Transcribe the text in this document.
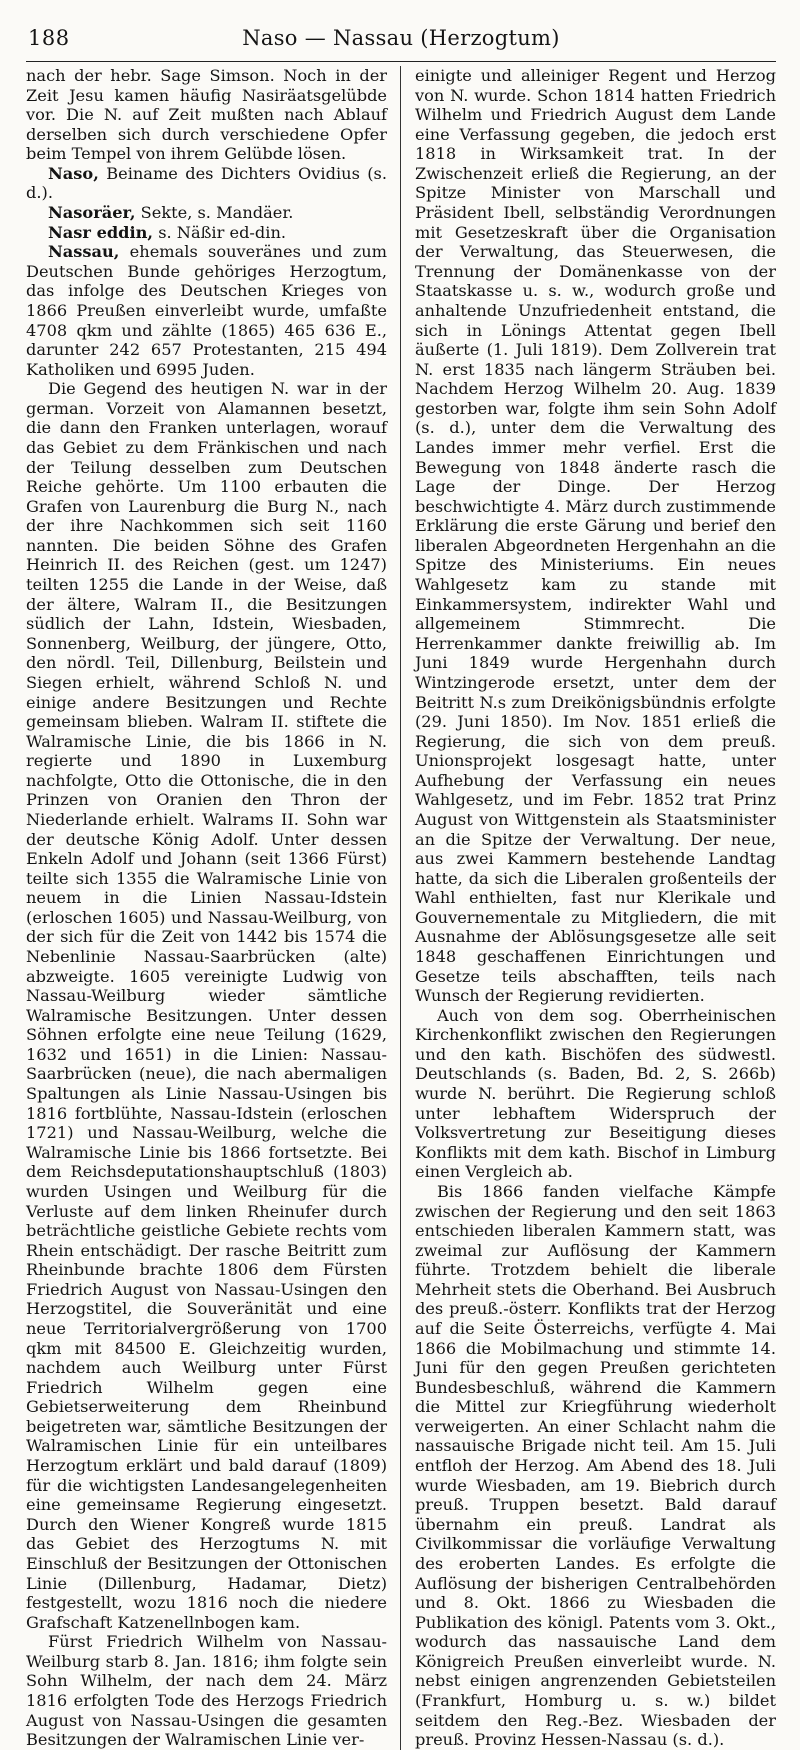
188	Naso — Nassau (Herzogtum)

nach der hebr. Sage Simson. Noch in der Zeit Jesu kamen häufig Nasiräatsgelübde vor. Die N. auf Zeit mußten nach Ablauf derselben sich durch verschiedene Opfer beim Tempel von ihrem Gelübde lösen.

Naso, Beiname des Dichters Ovidius (s. d.).

Nasoräer, Sekte, s. Mandäer.

Nasr eddin, s. Näßir ed-din.

Nassau, ehemals souveränes und zum Deutschen Bunde gehöriges Herzogtum, das infolge des Deutschen Krieges von 1866 Preußen einverleibt wurde, umfaßte 4708 qkm und zählte (1865) 465 636 E., darunter 242 657 Protestanten, 215 494 Katholiken und 6995 Juden.

Die Gegend des heutigen N. war in der german. Vorzeit von Alamannen besetzt, die dann den Franken unterlagen, worauf das Gebiet zu dem Fränkischen und nach der Teilung desselben zum Deutschen Reiche gehörte. Um 1100 erbauten die Grafen von Laurenburg die Burg N., nach der ihre Nachkommen sich seit 1160 nannten. Die beiden Söhne des Grafen Heinrich II. des Reichen (gest. um 1247) teilten 1255 die Lande in der Weise, daß der ältere, Walram II., die Besitzungen südlich der Lahn, Idstein, Wiesbaden, Sonnenberg, Weilburg, der jüngere, Otto, den nördl. Teil, Dillenburg, Beilstein und Siegen erhielt, während Schloß N. und einige andere Besitzungen und Rechte gemeinsam blieben. Walram II. stiftete die Walramische Linie, die bis 1866 in N. regierte und 1890 in Luxemburg nachfolgte, Otto die Ottonische, die in den Prinzen von Oranien den Thron der Niederlande erhielt. Walrams II. Sohn war der deutsche König Adolf. Unter dessen Enkeln Adolf und Johann (seit 1366 Fürst) teilte sich 1355 die Walramische Linie von neuem in die Linien Nassau-Idstein (erloschen 1605) und Nassau-Weilburg, von der sich für die Zeit von 1442 bis 1574 die Nebenlinie Nassau-Saarbrücken (alte) abzweigte. 1605 vereinigte Ludwig von Nassau-Weilburg wieder sämtliche Walramische Besitzungen. Unter dessen Söhnen erfolgte eine neue Teilung (1629, 1632 und 1651) in die Linien: Nassau-Saarbrücken (neue), die nach abermaligen Spaltungen als Linie Nassau-Usingen bis 1816 fortblühte, Nassau-Idstein (erloschen 1721) und Nassau-Weilburg, welche die Walramische Linie bis 1866 fortsetzte. Bei dem Reichsdeputationshauptschluß (1803) wurden Usingen und Weilburg für die Verluste auf dem linken Rheinufer durch beträchtliche geistliche Gebiete rechts vom Rhein entschädigt. Der rasche Beitritt zum Rheinbunde brachte 1806 dem Fürsten Friedrich August von Nassau-Usingen den Herzogstitel, die Souveränität und eine neue Territorialvergrößerung von 1700 qkm mit 84500 E. Gleichzeitig wurden, nachdem auch Weilburg unter Fürst Friedrich Wilhelm gegen eine Gebietserweiterung dem Rheinbund beigetreten war, sämtliche Besitzungen der Walramischen Linie für ein unteilbares Herzogtum erklärt und bald darauf (1809) für die wichtigsten Landesangelegenheiten eine gemeinsame Regierung eingesetzt. Durch den Wiener Kongreß wurde 1815 das Gebiet des Herzogtums N. mit Einschluß der Besitzungen der Ottonischen Linie (Dillenburg, Hadamar, Dietz) festgestellt, wozu 1816 noch die niedere Grafschaft Katzenellnbogen kam.

Fürst Friedrich Wilhelm von Nassau-Weilburg starb 8. Jan. 1816; ihm folgte sein Sohn Wilhelm, der nach dem 24. März 1816 erfolgten Tode des Herzogs Friedrich August von Nassau-Usingen die gesamten Besitzungen der Walramischen Linie ver-

einigte und alleiniger Regent und Herzog von N. wurde. Schon 1814 hatten Friedrich Wilhelm und Friedrich August dem Lande eine Verfassung gegeben, die jedoch erst 1818 in Wirksamkeit trat. In der Zwischenzeit erließ die Regierung, an der Spitze Minister von Marschall und Präsident Ibell, selbständig Verordnungen mit Gesetzeskraft über die Organisation der Verwaltung, das Steuerwesen, die Trennung der Domänenkasse von der Staatskasse u. s. w., wodurch große und anhaltende Unzufriedenheit entstand, die sich in Lönings Attentat gegen Ibell äußerte (1. Juli 1819). Dem Zollverein trat N. erst 1835 nach längerm Sträuben bei. Nachdem Herzog Wilhelm 20. Aug. 1839 gestorben war, folgte ihm sein Sohn Adolf (s. d.), unter dem die Verwaltung des Landes immer mehr verfiel. Erst die Bewegung von 1848 änderte rasch die Lage der Dinge. Der Herzog beschwichtigte 4. März durch zustimmende Erklärung die erste Gärung und berief den liberalen Abgeordneten Hergenhahn an die Spitze des Ministeriums. Ein neues Wahlgesetz kam zu stande mit Einkammersystem, indirekter Wahl und allgemeinem Stimmrecht. Die Herrenkammer dankte freiwillig ab. Im Juni 1849 wurde Hergenhahn durch Wintzingerode ersetzt, unter dem der Beitritt N.s zum Dreikönigsbündnis erfolgte (29. Juni 1850). Im Nov. 1851 erließ die Regierung, die sich von dem preuß. Unionsprojekt losgesagt hatte, unter Aufhebung der Verfassung ein neues Wahlgesetz, und im Febr. 1852 trat Prinz August von Wittgenstein als Staatsminister an die Spitze der Verwaltung. Der neue, aus zwei Kammern bestehende Landtag hatte, da sich die Liberalen großenteils der Wahl enthielten, fast nur Klerikale und Gouvernementale zu Mitgliedern, die mit Ausnahme der Ablösungsgesetze alle seit 1848 geschaffenen Einrichtungen und Gesetze teils abschafften, teils nach Wunsch der Regierung revidierten.

Auch von dem sog. Oberrheinischen Kirchenkonflikt zwischen den Regierungen und den kath. Bischöfen des südwestl. Deutschlands (s. Baden, Bd. 2, S. 266b) wurde N. berührt. Die Regierung schloß unter lebhaftem Widerspruch der Volksvertretung zur Beseitigung dieses Konflikts mit dem kath. Bischof in Limburg einen Vergleich ab.

Bis 1866 fanden vielfache Kämpfe zwischen der Regierung und den seit 1863 entschieden liberalen Kammern statt, was zweimal zur Auflösung der Kammern führte. Trotzdem behielt die liberale Mehrheit stets die Oberhand. Bei Ausbruch des preuß.-österr. Konflikts trat der Herzog auf die Seite Österreichs, verfügte 4. Mai 1866 die Mobilmachung und stimmte 14. Juni für den gegen Preußen gerichteten Bundesbeschluß, während die Kammern die Mittel zur Kriegführung wiederholt verweigerten. An einer Schlacht nahm die nassauische Brigade nicht teil. Am 15. Juli entfloh der Herzog. Am Abend des 18. Juli wurde Wiesbaden, am 19. Biebrich durch preuß. Truppen besetzt. Bald darauf übernahm ein preuß. Landrat als Civilkommissar die vorläufige Verwaltung des eroberten Landes. Es erfolgte die Auflösung der bisherigen Centralbehörden und 8. Okt. 1866 zu Wiesbaden die Publikation des königl. Patents vom 3. Okt., wodurch das nassauische Land dem Königreich Preußen einverleibt wurde. N. nebst einigen angrenzenden Gebietsteilen (Frankfurt, Homburg u. s. w.) bildet seitdem den Reg.-Bez. Wiesbaden der preuß. Provinz Hessen-Nassau (s. d.).
